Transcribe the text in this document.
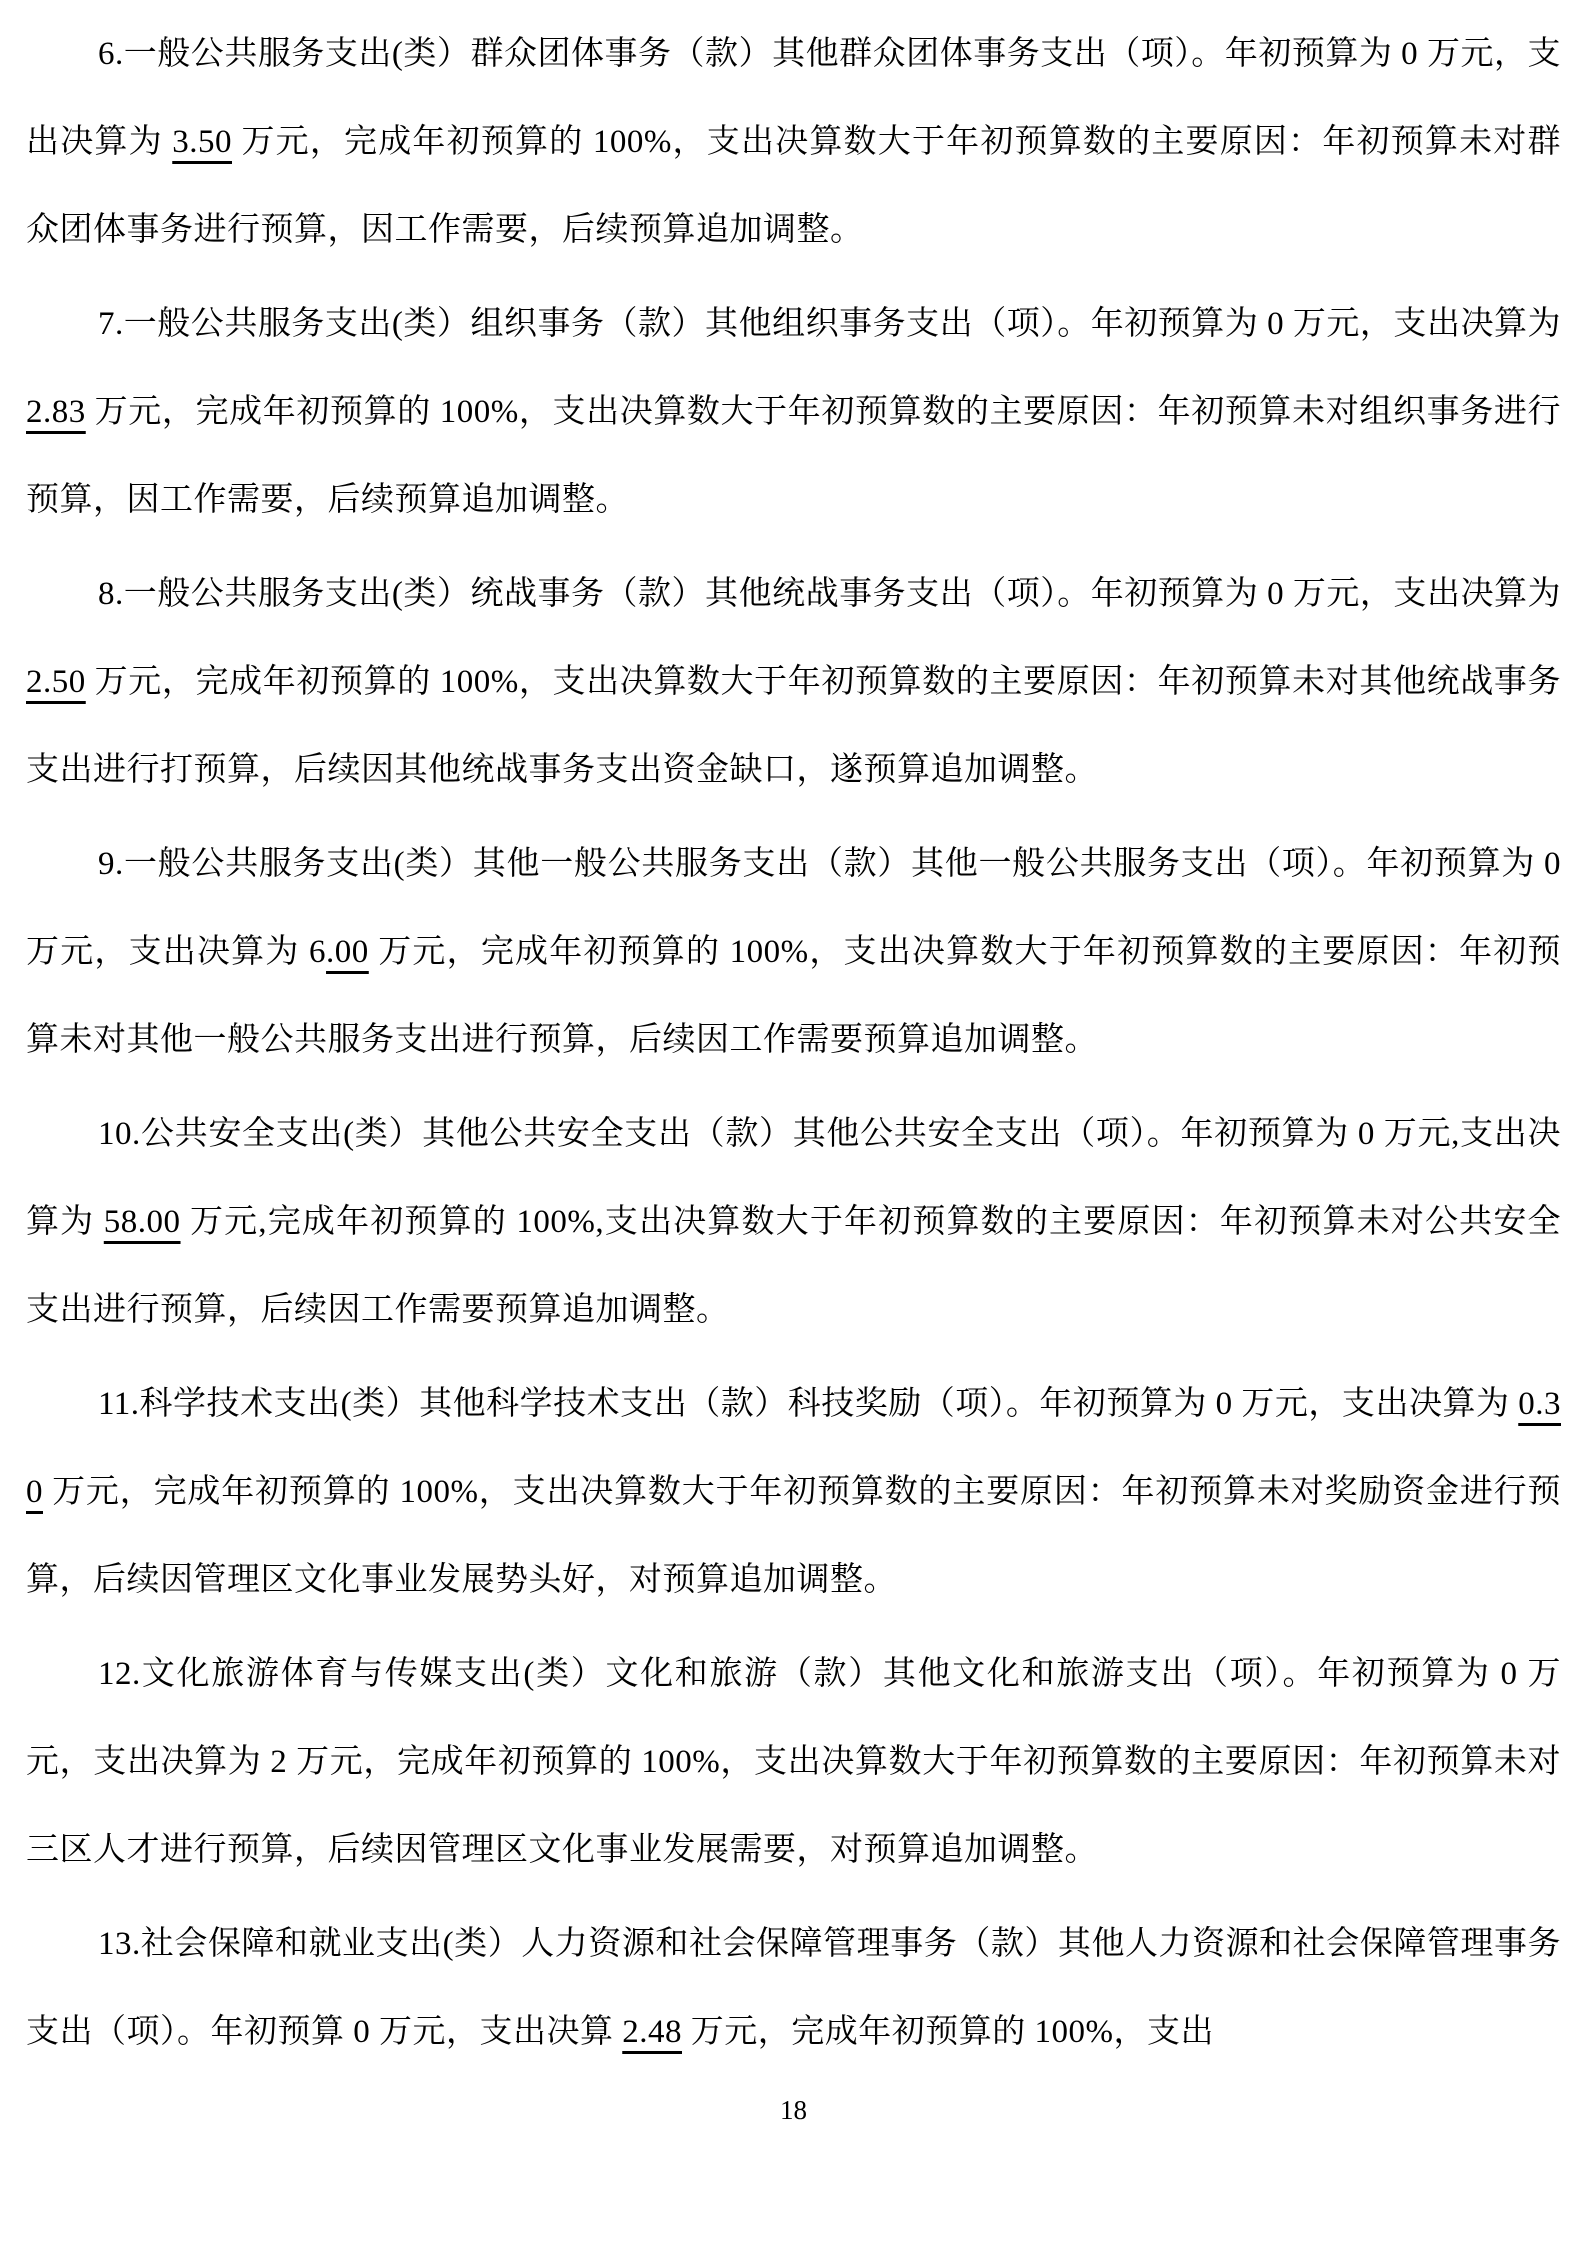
6.一般公共服务支出(类）群众团体事务（款）其他群众团体事务支出（项）。年初预算为 0 万元，支出决算为 3.50 万元，完成年初预算的 100%，支出决算数大于年初预算数的主要原因：年初预算未对群众团体事务进行预算，因工作需要，后续预算追加调整。

7.一般公共服务支出(类）组织事务（款）其他组织事务支出（项）。年初预算为 0 万元，支出决算为 2.83 万元，完成年初预算的 100%，支出决算数大于年初预算数的主要原因：年初预算未对组织事务进行预算，因工作需要，后续预算追加调整。

8.一般公共服务支出(类）统战事务（款）其他统战事务支出（项）。年初预算为 0 万元，支出决算为 2.50 万元，完成年初预算的 100%，支出决算数大于年初预算数的主要原因：年初预算未对其他统战事务支出进行打预算，后续因其他统战事务支出资金缺口，遂预算追加调整。

9.一般公共服务支出(类）其他一般公共服务支出（款）其他一般公共服务支出（项）。年初预算为 0 万元，支出决算为 6.00 万元，完成年初预算的 100%，支出决算数大于年初预算数的主要原因：年初预算未对其他一般公共服务支出进行预算，后续因工作需要预算追加调整。

10.公共安全支出(类）其他公共安全支出（款）其他公共安全支出（项）。年初预算为 0 万元,支出决算为 58.00 万元,完成年初预算的 100%,支出决算数大于年初预算数的主要原因：年初预算未对公共安全支出进行预算，后续因工作需要预算追加调整。

11.科学技术支出(类）其他科学技术支出（款）科技奖励（项）。年初预算为 0 万元，支出决算为 0.30 万元，完成年初预算的 100%，支出决算数大于年初预算数的主要原因：年初预算未对奖励资金进行预算，后续因管理区文化事业发展势头好，对预算追加调整。

12.文化旅游体育与传媒支出(类）文化和旅游（款）其他文化和旅游支出（项）。年初预算为 0 万元，支出决算为 2 万元，完成年初预算的 100%，支出决算数大于年初预算数的主要原因：年初预算未对三区人才进行预算，后续因管理区文化事业发展需要，对预算追加调整。

13.社会保障和就业支出(类）人力资源和社会保障管理事务（款）其他人力资源和社会保障管理事务支出（项）。年初预算 0 万元，支出决算 2.48 万元，完成年初预算的 100%，支出

18
